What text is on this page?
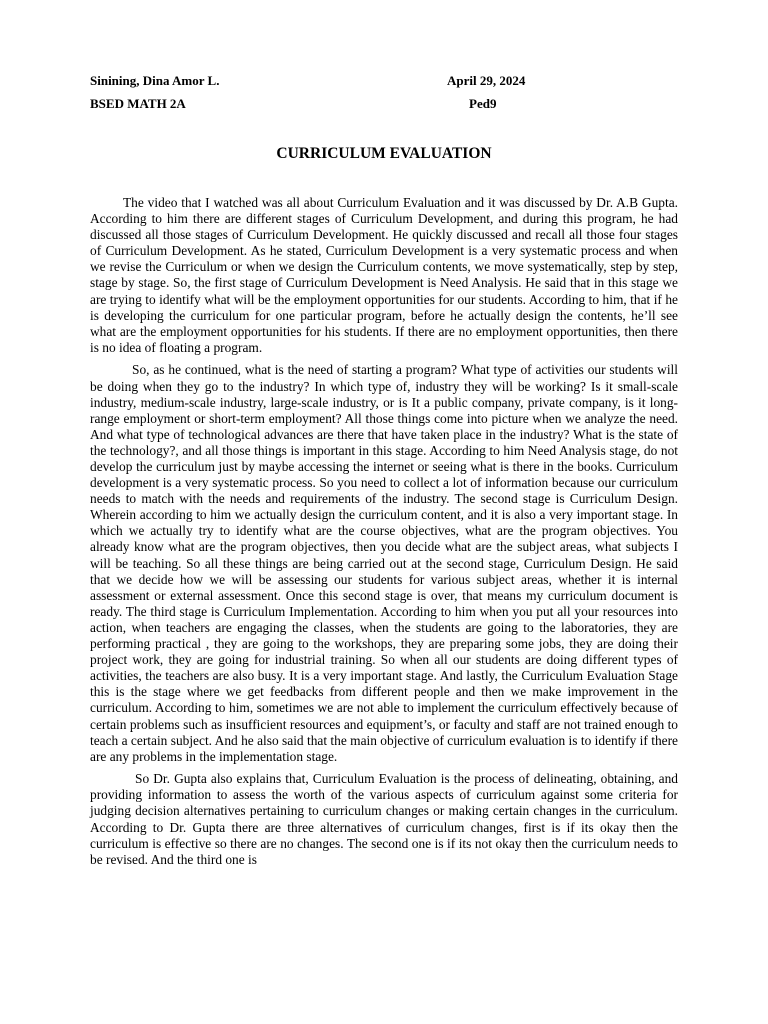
Sinining, Dina Amor L.
BSED MATH 2A
April 29, 2024
Ped9
CURRICULUM EVALUATION

The video that I watched was all about Curriculum Evaluation and it was discussed by Dr. A.B Gupta. According to him there are different stages of Curriculum Development, and during this program, he had discussed all those stages of Curriculum Development. He quickly discussed and recall all those four stages of Curriculum Development. As he stated, Curriculum Development is a very systematic process and when we revise the Curriculum or when we design the Curriculum contents, we move systematically, step by step, stage by stage. So, the first stage of Curriculum Development is Need Analysis. He said that in this stage we are trying to identify what will be the employment opportunities for our students. According to him, that if he is developing the curriculum for one particular program, before he actually design the contents, he’ll see what are the employment opportunities for his students. If there are no employment opportunities, then there is no idea of floating a program.

So, as he continued, what is the need of starting a program? What type of activities our students will be doing when they go to the industry? In which type of, industry they will be working? Is it small-scale industry, medium-scale industry, large-scale industry, or is It a public company, private company, is it long-range employment or short-term employment? All those things come into picture when we analyze the need. And what type of technological advances are there that have taken place in the industry? What is the state of the technology?, and all those things is important in this stage. According to him Need Analysis stage, do not develop the curriculum just by maybe accessing the internet or seeing what is there in the books. Curriculum development is a very systematic process. So you need to collect a lot of information because our curriculum needs to match with the needs and requirements of the industry. The second stage is Curriculum Design. Wherein according to him we actually design the curriculum content, and it is also a very important stage. In which we actually try to identify what are the course objectives, what are the program objectives. You already know what are the program objectives, then you decide what are the subject areas, what subjects I will be teaching. So all these things are being carried out at the second stage, Curriculum Design. He said that we decide how we will be assessing our students for various subject areas, whether it is internal assessment or external assessment. Once this second stage is over, that means my curriculum document is ready. The third stage is Curriculum Implementation. According to him when you put all your resources into action, when teachers are engaging the classes, when the students are going to the laboratories, they are performing practical , they are going to the workshops, they are preparing some jobs, they are doing their project work, they are going for industrial training. So when all our students are doing different types of activities, the teachers are also busy. It is a very important stage. And lastly, the Curriculum Evaluation Stage this is the stage where we get feedbacks from different people and then we make improvement in the curriculum. According to him, sometimes we are not able to implement the curriculum effectively because of certain problems such as insufficient resources and equipment’s, or faculty and staff are not trained enough to teach a certain subject. And he also said that the main objective of curriculum evaluation is to identify if there are any problems in the implementation stage.

So Dr. Gupta also explains that, Curriculum Evaluation is the process of delineating, obtaining, and providing information to assess the worth of the various aspects of curriculum against some criteria for judging decision alternatives pertaining to curriculum changes or making certain changes in the curriculum. According to Dr. Gupta there are three alternatives of curriculum changes, first is if its okay then the curriculum is effective so there are no changes. The second one is if its not okay then the curriculum needs to be revised. And the third one is
